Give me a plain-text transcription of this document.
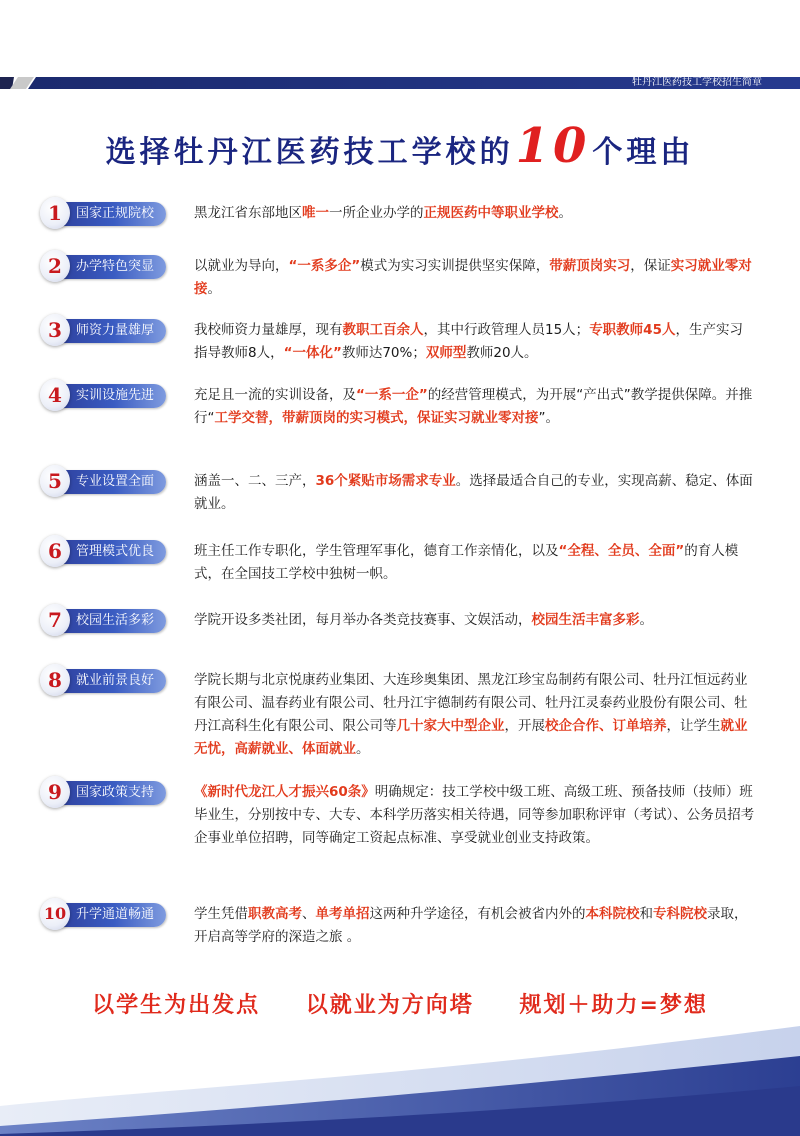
牡丹江医药技工学校招生简章
选择牡丹江医药技工学校的10个理由
国家正规院校
1	黑龙江省东部地区唯一一所企业办学的正规医药中等职业学校。
办学特色突显
2	以就业为导向，“一系多企”模式为实习实训提供坚实保障，带薪顶岗实习，保证实习就业零对接。
师资力量雄厚
3	我校师资力量雄厚，现有教职工百余人，其中行政管理人员15人；专职教师45人，生产实习指导教师8人，“一体化”教师达70%；双师型教师20人。
实训设施先进
4	充足且一流的实训设备，及“一系一企”的经营管理模式，为开展“产出式”教学提供保障。并推行“工学交替，带薪顶岗的实习模式，保证实习就业零对接”。
专业设置全面
5	涵盖一、二、三产，36个紧贴市场需求专业。选择最适合自己的专业，实现高薪、稳定、体面就业。
管理模式优良
6	班主任工作专职化，学生管理军事化，德育工作亲情化，以及“全程、全员、全面”的育人模式，在全国技工学校中独树一帜。
校园生活多彩
7	学院开设多类社团，每月举办各类竞技赛事、文娱活动，校园生活丰富多彩。
就业前景良好
8	学院长期与北京悦康药业集团、大连珍奥集团、黑龙江珍宝岛制药有限公司、牡丹江恒远药业有限公司、温春药业有限公司、牡丹江宇德制药有限公司、牡丹江灵泰药业股份有限公司、牡丹江高科生化有限公司、限公司等几十家大中型企业，开展校企合作、订单培养，让学生就业无忧，高薪就业、体面就业。
国家政策支持
9	《新时代龙江人才振兴60条》明确规定：技工学校中级工班、高级工班、预备技师（技师）班毕业生，分别按中专、大专、本科学历落实相关待遇，同等参加职称评审（考试）、公务员招考企事业单位招聘，同等确定工资起点标准、享受就业创业支持政策。
升学通道畅通
10	学生凭借职教高考、单考单招这两种升学途径，有机会被省内外的本科院校和专科院校录取，开启高等学府的深造之旅 。
以学生为出发点 以就业为方向塔 规划＋助力=梦想
